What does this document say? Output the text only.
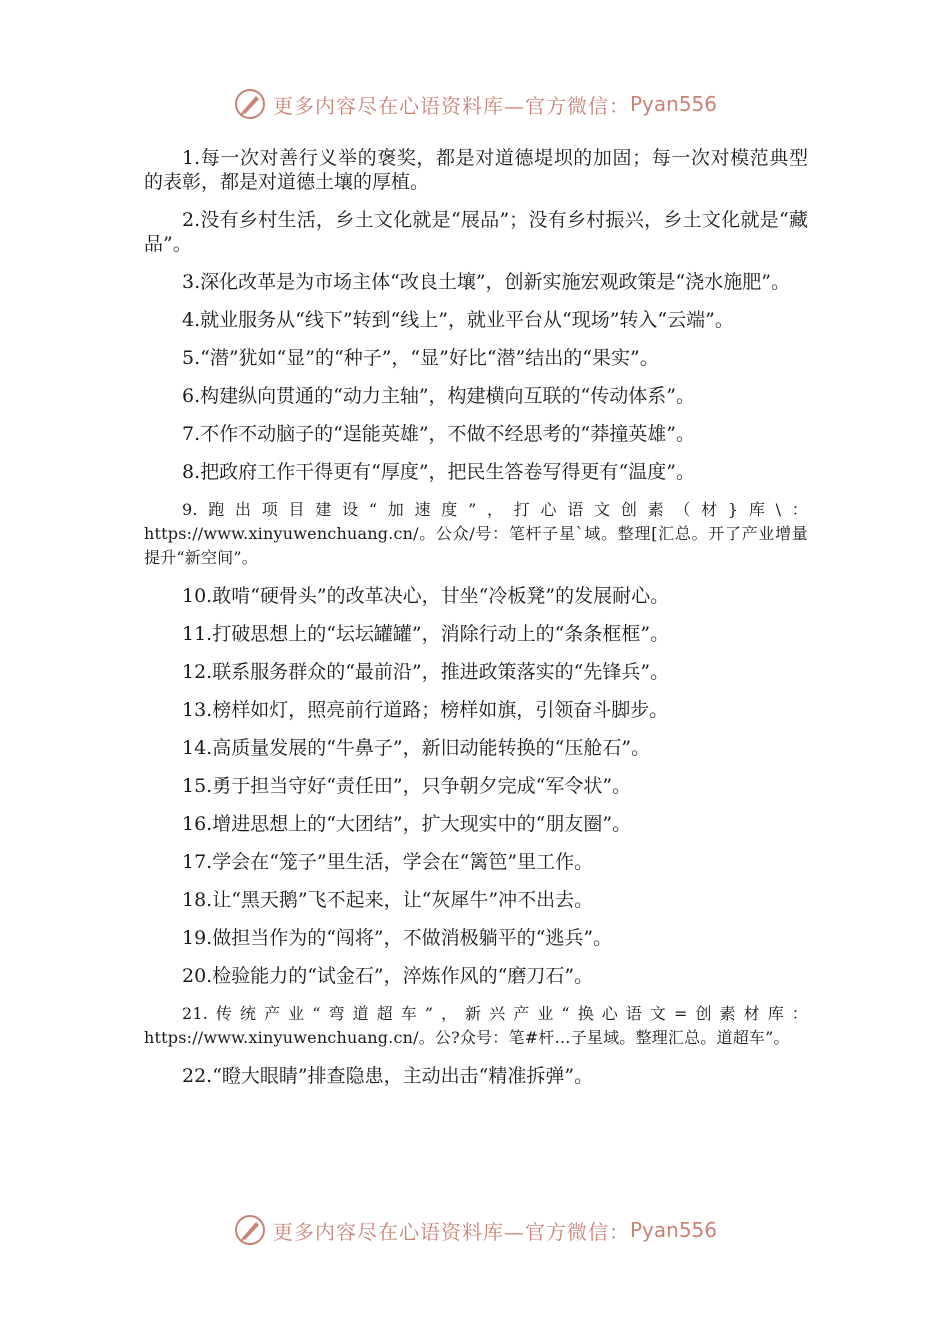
更多内容尽在心语资料库—官方微信： Pyan556

1.每一次对善行义举的褒奖，都是对道德堤坝的加固；每一次对模范典型的表彰，都是对道德土壤的厚植。

2.没有乡村生活，乡土文化就是“展品”；没有乡村振兴，乡土文化就是“藏品”。

3.深化改革是为市场主体“改良土壤”，创新实施宏观政策是“浇水施肥”。

4.就业服务从“线下”转到“线上”，就业平台从“现场”转入“云端”。

5.“潜”犹如“显”的“种子”，“显”好比“潜”结出的“果实”。

6.构建纵向贯通的“动力主轴”，构建横向互联的“传动体系”。

7.不作不动脑子的“逞能英雄”，不做不经思考的“莽撞英雄”。

8.把政府工作干得更有“厚度”，把民生答卷写得更有“温度”。

9.跑出项目建设“加速度”，打心语文创素（材}库\：https://www.xinyuwenchuang.cn/。公众/号：笔杆子星`域。整理[汇总。开了产业增量提升“新空间”。

10.敢啃“硬骨头”的改革决心，甘坐“冷板凳”的发展耐心。

11.打破思想上的“坛坛罐罐”，消除行动上的“条条框框”。

12.联系服务群众的“最前沿”，推进政策落实的“先锋兵”。

13.榜样如灯，照亮前行道路；榜样如旗，引领奋斗脚步。

14.高质量发展的“牛鼻子”，新旧动能转换的“压舱石”。

15.勇于担当守好“责任田”，只争朝夕完成“军令状”。

16.增进思想上的“大团结”，扩大现实中的“朋友圈”。

17.学会在“笼子”里生活，学会在“篱笆”里工作。

18.让“黑天鹅”飞不起来，让“灰犀牛”冲不出去。

19.做担当作为的“闯将”，不做消极躺平的“逃兵”。

20.检验能力的“试金石”，淬炼作风的“磨刀石”。

21.传统产业“弯道超车”，新兴产业“换心语文=创素材库：https://www.xinyuwenchuang.cn/。公?众号：笔#杆…子星域。整理汇总。道超车”。

22.“瞪大眼睛”排查隐患，主动出击“精准拆弹”。

更多内容尽在心语资料库—官方微信： Pyan556
